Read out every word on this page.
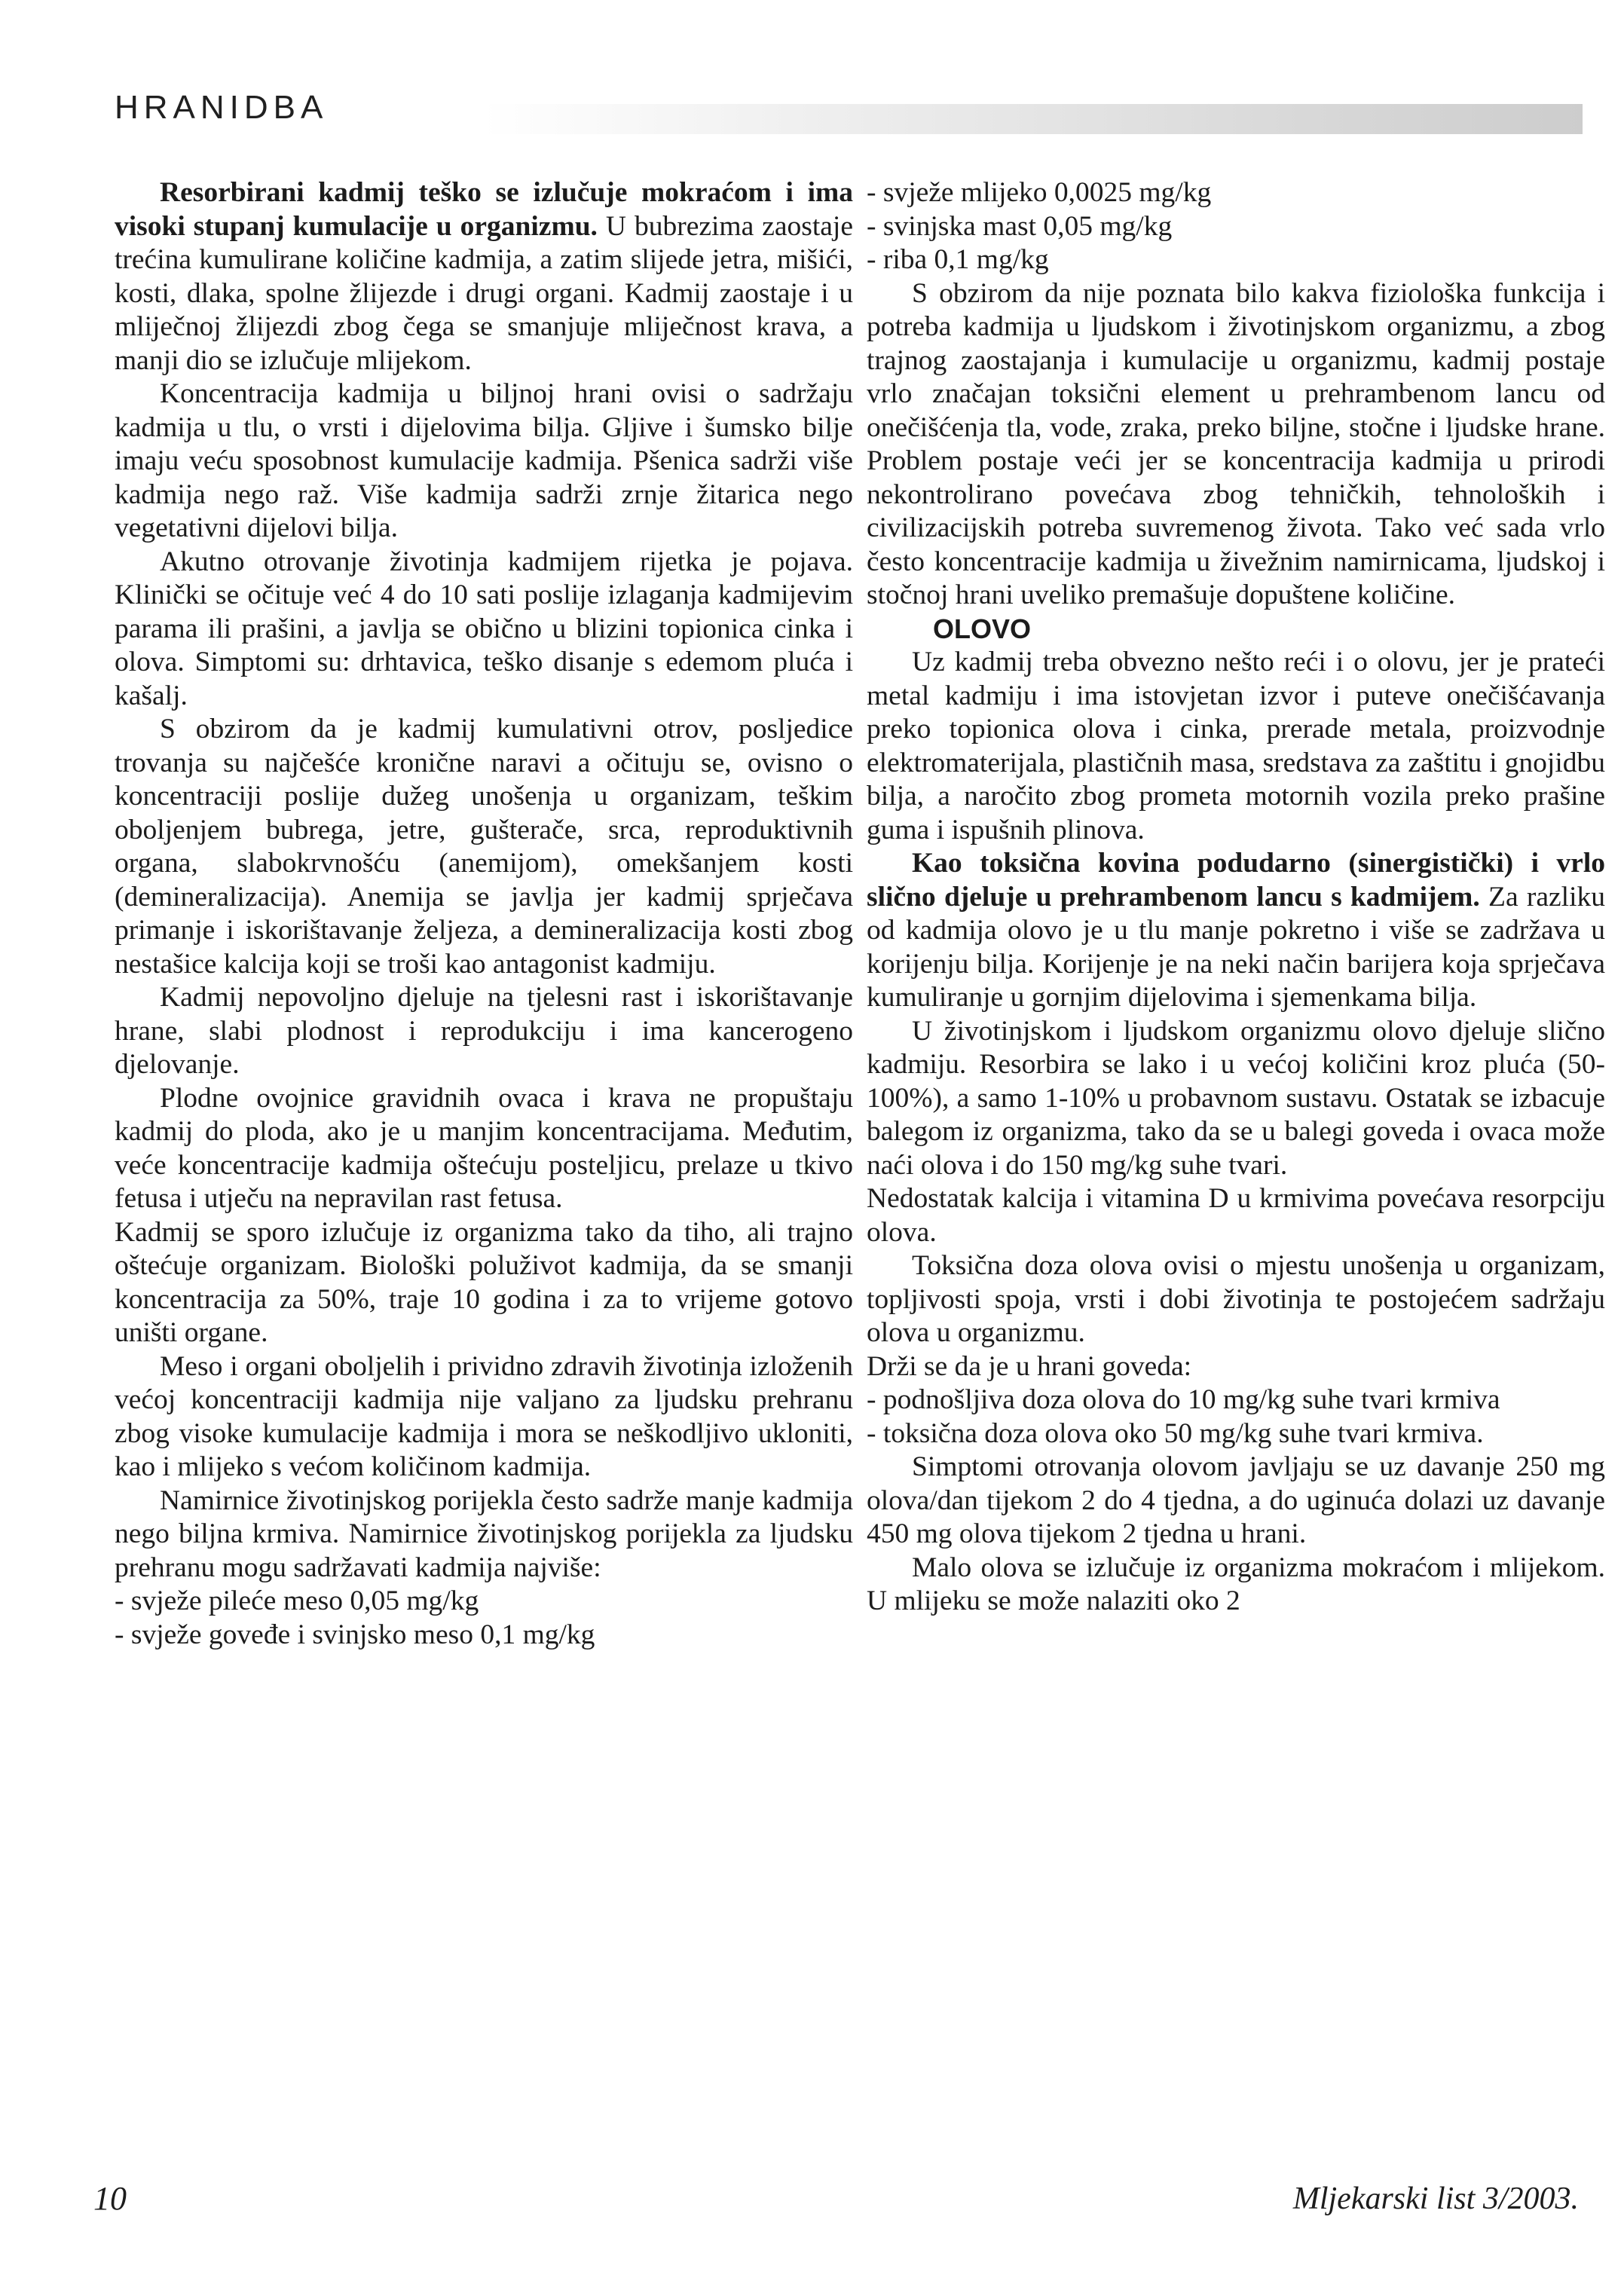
HRANIDBA

Resorbirani kadmij teško se izlučuje mokraćom i ima visoki stupanj kumulacije u organizmu. U bubrezima zaostaje trećina kumulirane količine kadmija, a zatim slijede jetra, mišići, kosti, dlaka, spolne žlijezde i drugi organi. Kadmij zaostaje i u mliječnoj žlijezdi zbog čega se smanjuje mliječnost krava, a manji dio se izlučuje mlijekom.

Koncentracija kadmija u biljnoj hrani ovisi o sadržaju kadmija u tlu, o vrsti i dijelovima bilja. Gljive i šumsko bilje imaju veću sposobnost kumulacije kadmija. Pšenica sadrži više kadmija nego raž. Više kadmija sadrži zrnje žitarica nego vegetativni dijelovi bilja.

Akutno otrovanje životinja kadmijem rijetka je pojava. Klinički se očituje već 4 do 10 sati poslije izlaganja kadmijevim parama ili prašini, a javlja se obično u blizini topionica cinka i olova. Simptomi su: drhtavica, teško disanje s edemom pluća i kašalj.

S obzirom da je kadmij kumulativni otrov, posljedice trovanja su najčešće kronične naravi a očituju se, ovisno o koncentraciji poslije dužeg unošenja u organizam, teškim oboljenjem bubrega, jetre, gušterače, srca, reproduktivnih organa, slabokrvnošću (anemijom), omekšanjem kosti (demineralizacija). Anemija se javlja jer kadmij sprječava primanje i iskorištavanje željeza, a demineralizacija kosti zbog nestašice kalcija koji se troši kao antagonist kadmiju.

Kadmij nepovoljno djeluje na tjelesni rast i iskorištavanje hrane, slabi plodnost i reprodukciju i ima kancerogeno djelovanje.

Plodne ovojnice gravidnih ovaca i krava ne propuštaju kadmij do ploda, ako je u manjim koncentracijama. Međutim, veće koncentracije kadmija oštećuju posteljicu, prelaze u tkivo fetusa i utječu na nepravilan rast fetusa.

Kadmij se sporo izlučuje iz organizma tako da tiho, ali trajno oštećuje organizam. Biološki poluživot kadmija, da se smanji koncentracija za 50%, traje 10 godina i za to vrijeme gotovo uništi organe.

Meso i organi oboljelih i prividno zdravih životinja izloženih većoj koncentraciji kadmija nije valjano za ljudsku prehranu zbog visoke kumulacije kadmija i mora se neškodljivo ukloniti, kao i mlijeko s većom količinom kadmija.

Namirnice životinjskog porijekla često sadrže manje kadmija nego biljna krmiva. Namirnice životinjskog porijekla za ljudsku prehranu mogu sadržavati kadmija najviše:

- svježe pileće meso 0,05 mg/kg
- svježe goveđe i svinjsko meso 0,1 mg/kg
- svježe mlijeko 0,0025 mg/kg
- svinjska mast 0,05 mg/kg
- riba 0,1 mg/kg

S obzirom da nije poznata bilo kakva fiziološka funkcija i potreba kadmija u ljudskom i životinjskom organizmu, a zbog trajnog zaostajanja i kumulacije u organizmu, kadmij postaje vrlo značajan toksični element u prehrambenom lancu od onečišćenja tla, vode, zraka, preko biljne, stočne i ljudske hrane. Problem postaje veći jer se koncentracija kadmija u prirodi nekontrolirano povećava zbog tehničkih, tehnoloških i civilizacijskih potreba suvremenog života. Tako već sada vrlo često koncentracije kadmija u živežnim namirnicama, ljudskoj i stočnoj hrani uveliko premašuje dopuštene količine.

OLOVO

Uz kadmij treba obvezno nešto reći i o olovu, jer je prateći metal kadmiju i ima istovjetan izvor i puteve onečišćavanja preko topionica olova i cinka, prerade metala, proizvodnje elektromaterijala, plastičnih masa, sredstava za zaštitu i gnojidbu bilja, a naročito zbog prometa motornih vozila preko prašine guma i ispušnih plinova.

Kao toksična kovina podudarno (sinergistički) i vrlo slično djeluje u prehrambenom lancu s kadmijem. Za razliku od kadmija olovo je u tlu manje pokretno i više se zadržava u korijenju bilja. Korijenje je na neki način barijera koja sprječava kumuliranje u gornjim dijelovima i sjemenkama bilja.

U životinjskom i ljudskom organizmu olovo djeluje slično kadmiju. Resorbira se lako i u većoj količini kroz pluća (50-100%), a samo 1-10% u probavnom sustavu. Ostatak se izbacuje balegom iz organizma, tako da se u balegi goveda i ovaca može naći olova i do 150 mg/kg suhe tvari.

Nedostatak kalcija i vitamina D u krmivima povećava resorpciju olova.

Toksična doza olova ovisi o mjestu unošenja u organizam, topljivosti spoja, vrsti i dobi životinja te postojećem sadržaju olova u organizmu.

Drži se da je u hrani goveda:

- podnošljiva doza olova do 10 mg/kg suhe tvari krmiva
- toksična doza olova oko 50 mg/kg suhe tvari krmiva.

Simptomi otrovanja olovom javljaju se uz davanje 250 mg olova/dan tijekom 2 do 4 tjedna, a do uginuća dolazi uz davanje 450 mg olova tijekom 2 tjedna u hrani.

Malo olova se izlučuje iz organizma mokraćom i mlijekom. U mlijeku se može nalaziti oko 2

10	Mljekarski list 3/2003.
